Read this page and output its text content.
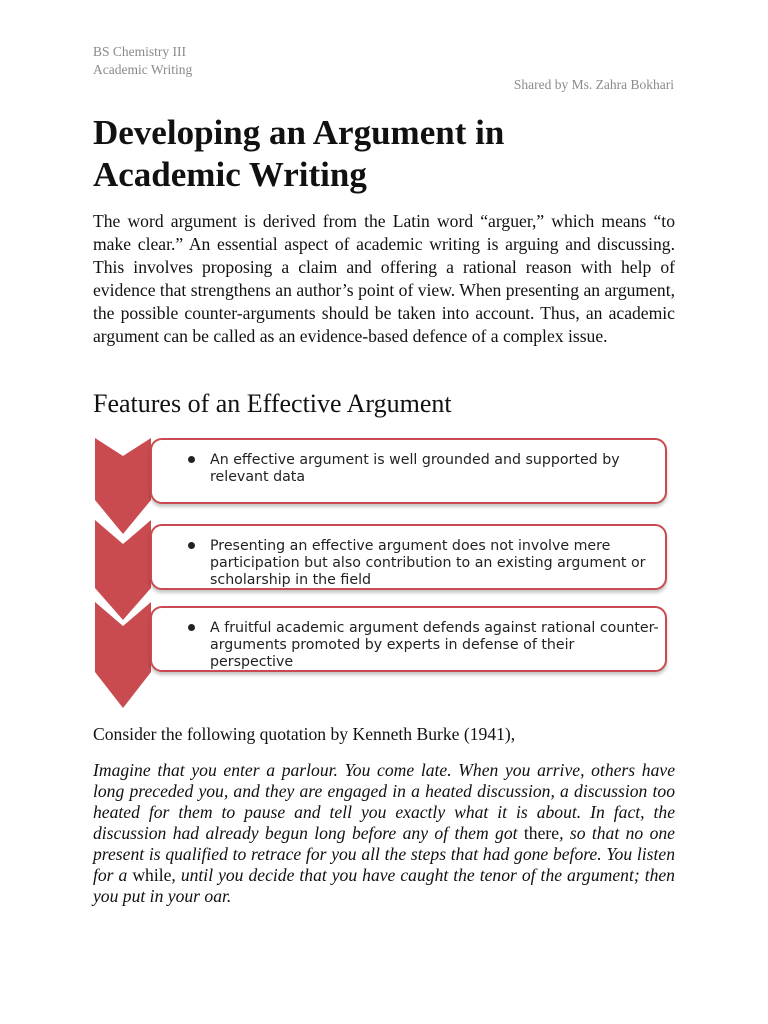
BS Chemistry III
Academic Writing
Shared by Ms. Zahra Bokhari
Developing an Argument in
Academic Writing

The word argument is derived from the Latin word “arguer,” which means “to make clear.” An essential aspect of academic writing is arguing and discussing. This involves proposing a claim and offering a rational reason with help of evidence that strengthens an author’s point of view. When presenting an argument, the possible counter-arguments should be taken into account. Thus, an academic argument can be called as an evidence-based defence of a complex issue.

Features of an Effective Argument
An effective argument is well grounded and supported by relevant data
Presenting an effective argument does not involve mere participation but also contribution to an existing argument or scholarship in the field
A fruitful academic argument defends against rational counter-arguments promoted by experts in defense of their perspective

Consider the following quotation by Kenneth Burke (1941),

Imagine that you enter a parlour. You come late. When you arrive, others have long preceded you, and they are engaged in a heated discussion, a discussion too heated for them to pause and tell you exactly what it is about. In fact, the discussion had already begun long before any of them got there, so that no one present is qualified to retrace for you all the steps that had gone before. You listen for a while, until you decide that you have caught the tenor of the argument; then you put in your oar.
